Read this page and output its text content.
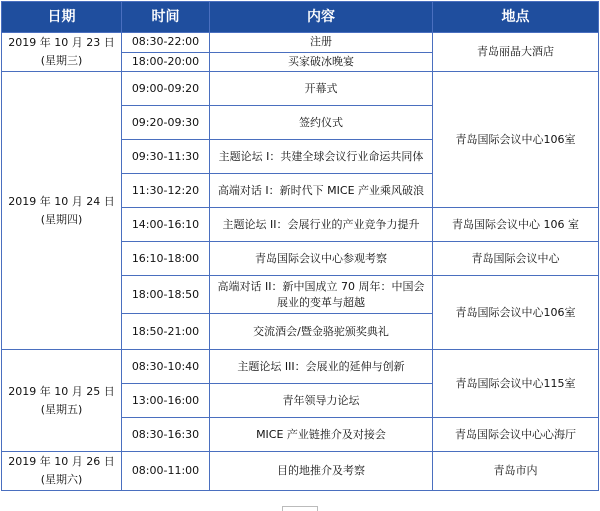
日期	时间	内容	地点

2019 年 10 月 23 日
(星期三)	08:30-22:00	注册	青岛丽晶大酒店
	18:00-20:00	买家破冰晚宴	

2019 年 10 月 24 日
(星期四)	09:00-09:20	开幕式	青岛国际会议中心106室
	09:20-09:30	签约仪式	
	09:30-11:30	主题论坛 I：共建全球会议行业命运共同体	
	11:30-12:20	高端对话 I：新时代下 MICE 产业乘风破浪	
	14:00-16:10	主题论坛 II：会展行业的产业竞争力提升	青岛国际会议中心 106 室
	16:10-18:00	青岛国际会议中心参观考察	青岛国际会议中心
	18:00-18:50	高端对话 II：新中国成立 70 周年：中国会展业的变革与超越	青岛国际会议中心106室
	18:50-21:00	交流酒会/暨金骆驼颁奖典礼	

2019 年 10 月 25 日
(星期五)	08:30-10:40	主题论坛 III：会展业的延伸与创新	青岛国际会议中心115室
	13:00-16:00	青年领导力论坛	
	08:30-16:30	MICE 产业链推介及对接会	青岛国际会议中心心海厅

2019 年 10 月 26 日
(星期六)	08:00-11:00	目的地推介及考察	青岛市内
